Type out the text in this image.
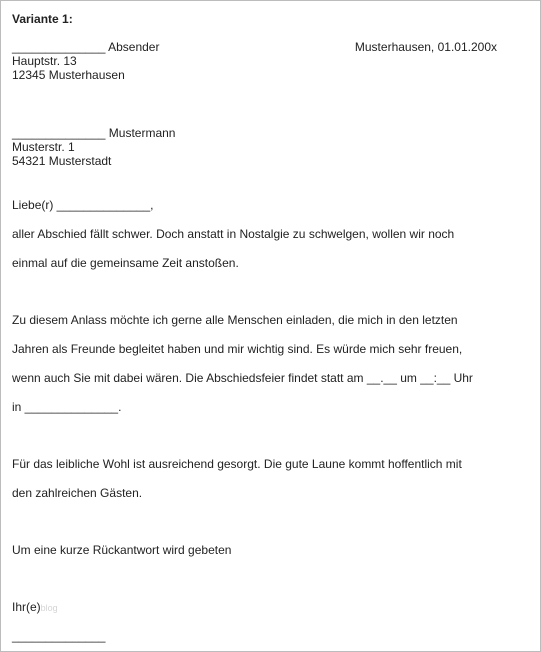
Variante 1:
______________ Absender	Musterhausen, 01.01.200x
Hauptstr. 13
12345 Musterhausen
______________ Mustermann
Musterstr. 1
54321 Musterstadt
Liebe(r) ______________,
aller Abschied fällt schwer. Doch anstatt in Nostalgie zu schwelgen, wollen wir noch
einmal auf die gemeinsame Zeit anstoßen.
Zu diesem Anlass möchte ich gerne alle Menschen einladen, die mich in den letzten
Jahren als Freunde begleitet haben und mir wichtig sind. Es würde mich sehr freuen,
wenn auch Sie mit dabei wären. Die Abschiedsfeier findet statt am __.__ um __:__ Uhr
in ______________.
Für das leibliche Wohl ist ausreichend gesorgt. Die gute Laune kommt hoffentlich mit
den zahlreichen Gästen.
Um eine kurze Rückantwort wird gebeten
Ihr(e)blog
______________
